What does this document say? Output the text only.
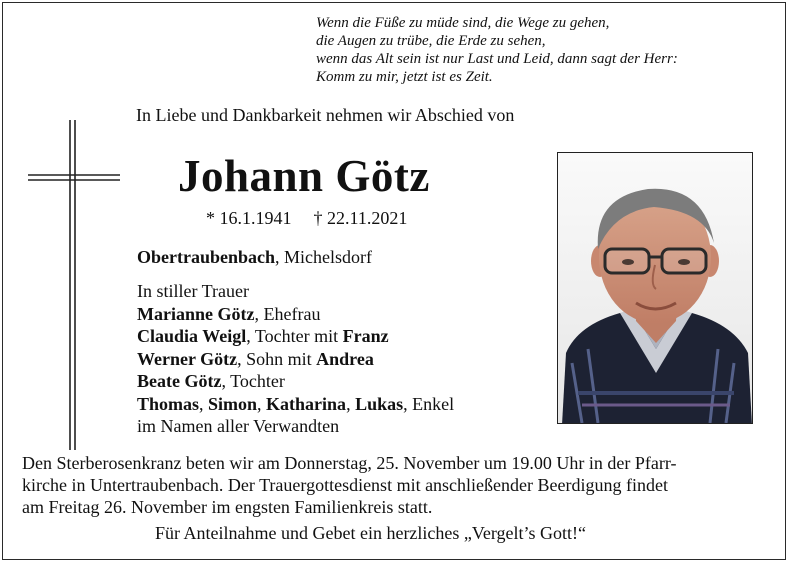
Wenn die Füße zu müde sind, die Wege zu gehen,
die Augen zu trübe, die Erde zu sehen,
wenn das Alt sein ist nur Last und Leid, dann sagt der Herr:
Komm zu mir, jetzt ist es Zeit.
In Liebe und Dankbarkeit nehmen wir Abschied von
Johann Götz
* 16.1.1941 † 22.11.2021
Obertraubenbach, Michelsdorf
In stiller Trauer
Marianne Götz, Ehefrau
Claudia Weigl, Tochter mit Franz
Werner Götz, Sohn mit Andrea
Beate Götz, Tochter
Thomas, Simon, Katharina, Lukas, Enkel
im Namen aller Verwandten
Den Sterberosenkranz beten wir am Donnerstag, 25. November um 19.00 Uhr in der Pfarr-
kirche in Untertraubenbach. Der Trauergottesdienst mit anschließender Beerdigung findet
am Freitag 26. November im engsten Familienkreis statt.
Für Anteilnahme und Gebet ein herzliches „Vergelt’s Gott!“
